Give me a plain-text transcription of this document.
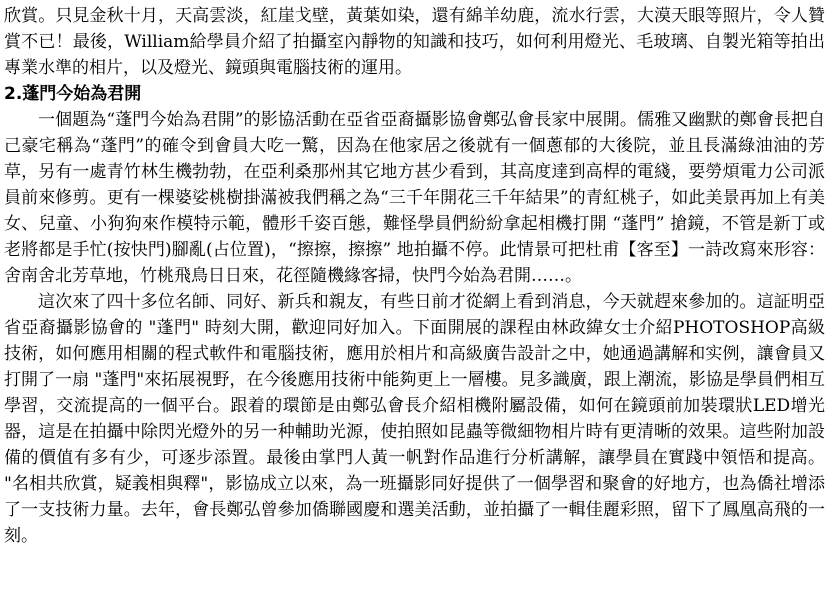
欣賞。只見金秋十月，天高雲淡，紅崖戈壁，黃葉如染，還有綿羊幼鹿，流水行雲，大漠天眼等照片，令人贊賞不已！最後，William給學員介紹了拍攝室內靜物的知識和技巧，如何利用燈光、毛玻璃、自製光箱等拍出專業水準的相片，以及燈光、鏡頭與電腦技術的運用。

2.蓬門今始為君開

一個題為“蓬門今始為君開”的影協活動在亞省亞裔攝影協會鄭弘會長家中展開。儒雅又幽默的鄭會長把自己豪宅稱為“蓬門”的確令到會員大吃一驚，因為在他家居之後就有一個蔥郁的大後院，並且長滿綠油油的芳草，另有一處青竹林生機勃勃，在亞利桑那州其它地方甚少看到，其高度達到高桿的電綫，要勞煩電力公司派員前來修剪。更有一棵婆娑桃樹掛滿被我們稱之為“三千年開花三千年結果”的青紅桃子，如此美景再加上有美女、兒童、小狗狗來作模特示範，體形千姿百態，難怪學員們紛紛拿起相機打開 “蓬門” 搶鏡，不管是新丁或老將都是手忙(按快門)腳亂(占位置)，“擦擦，擦擦” 地拍攝不停。此情景可把杜甫【客至】一詩改寫來形容：舍南舍北芳草地，竹桃飛鳥日日來，花徑隨機緣客掃，快門今始為君開……。

這次來了四十多位名師、同好、新兵和親友，有些日前才從網上看到消息，今天就趕來參加的。這証明亞省亞裔攝影協會的 "蓬門" 時刻大開，歡迎同好加入。下面開展的課程由林政緯女士介紹PHOTOSHOP高級技術，如何應用相關的程式軟件和電腦技術，應用於相片和高級廣告設計之中，她通過講解和实例，讓會員又打開了一扇 "蓬門"來拓展視野，在今後應用技術中能夠更上一層樓。見多識廣，跟上潮流，影協是學員們相互學習，交流提高的一個平台。跟着的環節是由鄭弘會長介紹相機附屬設備，如何在鏡頭前加裝環狀LED增光器，這是在拍攝中除閃光燈外的另一种輔助光源，使拍照如昆蟲等微細物相片時有更清晰的效果。這些附加設備的價值有多有少，可逐步添置。最後由掌門人黃一帆對作品進行分析講解，讓學員在實踐中領悟和提高。 "名相共欣賞，疑義相與釋"，影協成立以來，為一班攝影同好提供了一個學習和聚會的好地方，也為僑社增添了一支技術力量。去年，會長鄭弘曾參加僑聯國慶和選美活動，並拍攝了一輯佳麗彩照，留下了鳳凰高飛的一刻。
